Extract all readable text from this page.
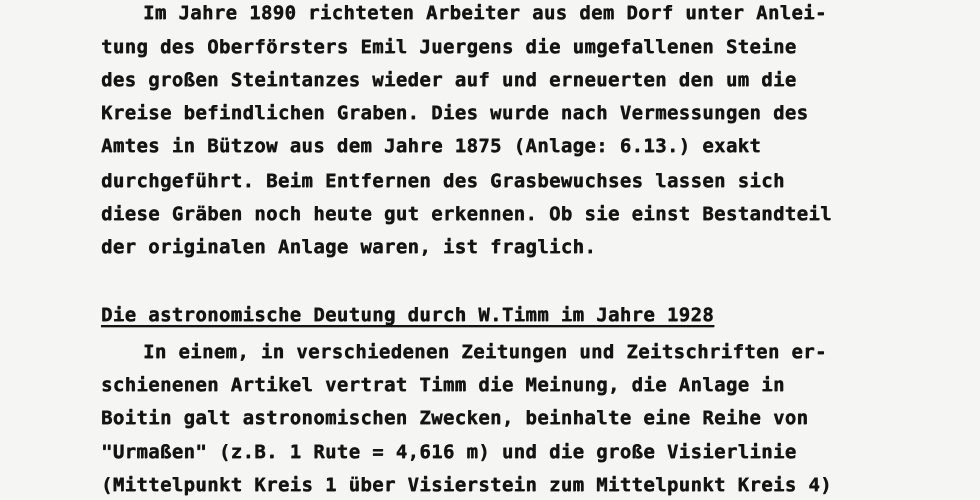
Im Jahre 1890 richteten Arbeiter aus dem Dorf unter Anlei-
tung des Oberförsters Emil Juergens die umgefallenen Steine
des großen Steintanzes wieder auf und erneuerten den um die
Kreise befindlichen Graben. Dies wurde nach Vermessungen des
Amtes in Bützow aus dem Jahre 1875 (Anlage: 6.13.) exakt
durchgeführt. Beim Entfernen des Grasbewuchses lassen sich
diese Gräben noch heute gut erkennen. Ob sie einst Bestandteil
der originalen Anlage waren, ist fraglich.
Die astronomische Deutung durch W.Timm im Jahre 1928
In einem, in verschiedenen Zeitungen und Zeitschriften er-
schienenen Artikel vertrat Timm die Meinung, die Anlage in
Boitin galt astronomischen Zwecken, beinhalte eine Reihe von
"Urmaßen" (z.B. 1 Rute = 4,616 m) und die große Visierlinie
(Mittelpunkt Kreis 1 über Visierstein zum Mittelpunkt Kreis 4)
